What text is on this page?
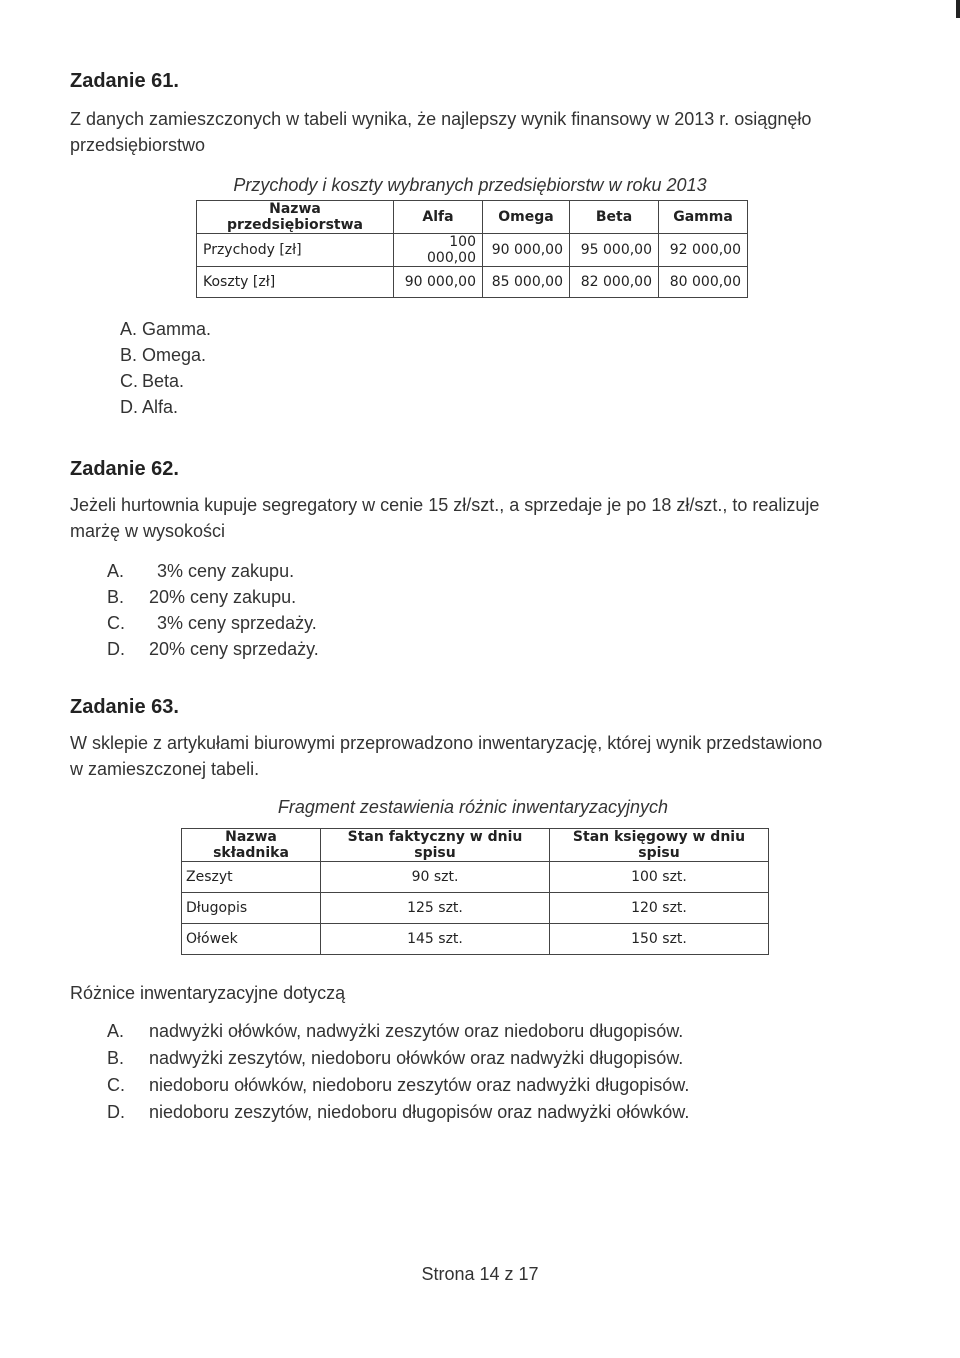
Zadanie 61.
Z danych zamieszczonych w tabeli wynika, że najlepszy wynik finansowy w 2013 r. osiągnęło
przedsiębiorstwo
Przychody i koszty wybranych przedsiębiorstw w roku 2013
Nazwa przedsiębiorstwa	Alfa	Omega	Beta	Gamma
Przychody [zł]	100 000,00	90 000,00	95 000,00	92 000,00
Koszty [zł]	90 000,00	85 000,00	82 000,00	80 000,00
A. Gamma.
B. Omega.
C. Beta.
D. Alfa.
Zadanie 62.
Jeżeli hurtownia kupuje segregatory w cenie 15 zł/szt., a sprzedaje je po 18 zł/szt., to realizuje
marżę w wysokości
A.	3% ceny zakupu.
B.	20% ceny zakupu.
C.	3% ceny sprzedaży.
D.	20% ceny sprzedaży.
Zadanie 63.
W sklepie z artykułami biurowymi przeprowadzono inwentaryzację, której wynik przedstawiono
w zamieszczonej tabeli.
Fragment zestawienia różnic inwentaryzacyjnych
Nazwa składnika	Stan faktyczny w dniu spisu	Stan księgowy w dniu spisu
Zeszyt	90 szt.	100 szt.
Długopis	125 szt.	120 szt.
Ołówek	145 szt.	150 szt.
Różnice inwentaryzacyjne dotyczą
A.	nadwyżki ołówków, nadwyżki zeszytów oraz niedoboru długopisów.
B.	nadwyżki zeszytów, niedoboru ołówków oraz nadwyżki długopisów.
C.	niedoboru ołówków, niedoboru zeszytów oraz nadwyżki długopisów.
D.	niedoboru zeszytów, niedoboru długopisów oraz nadwyżki ołówków.
Strona 14 z 17
